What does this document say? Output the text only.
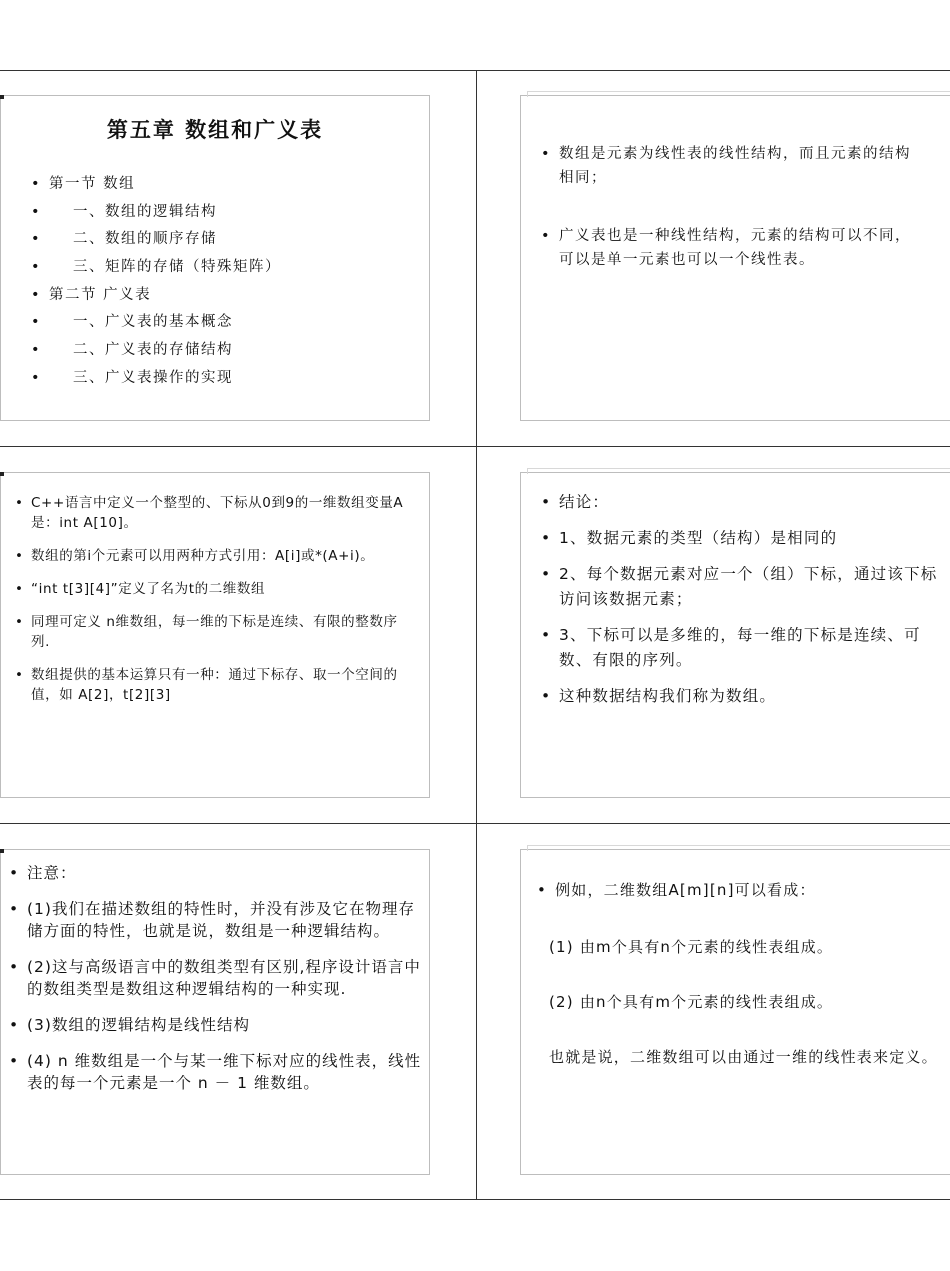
第五章 数组和广义表
• 第一节 数组
• 一、数组的逻辑结构
• 二、数组的顺序存储
• 三、矩阵的存储（特殊矩阵）
• 第二节 广义表
• 一、广义表的基本概念
• 二、广义表的存储结构
• 三、广义表操作的实现
• 数组是元素为线性表的线性结构，而且元素的结构相同；
• 广义表也是一种线性结构，元素的结构可以不同，可以是单一元素也可以一个线性表。
• C++语言中定义一个整型的、下标从0到9的一维数组变量A是：int A[10]。
• 数组的第i个元素可以用两种方式引用：A[i]或*(A+i)。
• “int t[3][4]”定义了名为t的二维数组
• 同理可定义 n维数组，每一维的下标是连续、有限的整数序列.
• 数组提供的基本运算只有一种：通过下标存、取一个空间的值，如 A[2]，t[2][3]
• 结论：
• 1、数据元素的类型（结构）是相同的
• 2、每个数据元素对应一个（组）下标，通过该下标访问该数据元素；
• 3、下标可以是多维的，每一维的下标是连续、可数、有限的序列。
• 这种数据结构我们称为数组。
• 注意：
• (1)我们在描述数组的特性时，并没有涉及它在物理存储方面的特性，也就是说，数组是一种逻辑结构。
• (2)这与高级语言中的数组类型有区别,程序设计语言中的数组类型是数组这种逻辑结构的一种实现.
• (3)数组的逻辑结构是线性结构
• (4) n 维数组是一个与某一维下标对应的线性表，线性表的每一个元素是一个 n － 1 维数组。

• 例如，二维数组A[m][n]可以看成：

(1) 由m个具有n个元素的线性表组成。

(2) 由n个具有m个元素的线性表组成。

也就是说，二维数组可以由通过一维的线性表来定义。
